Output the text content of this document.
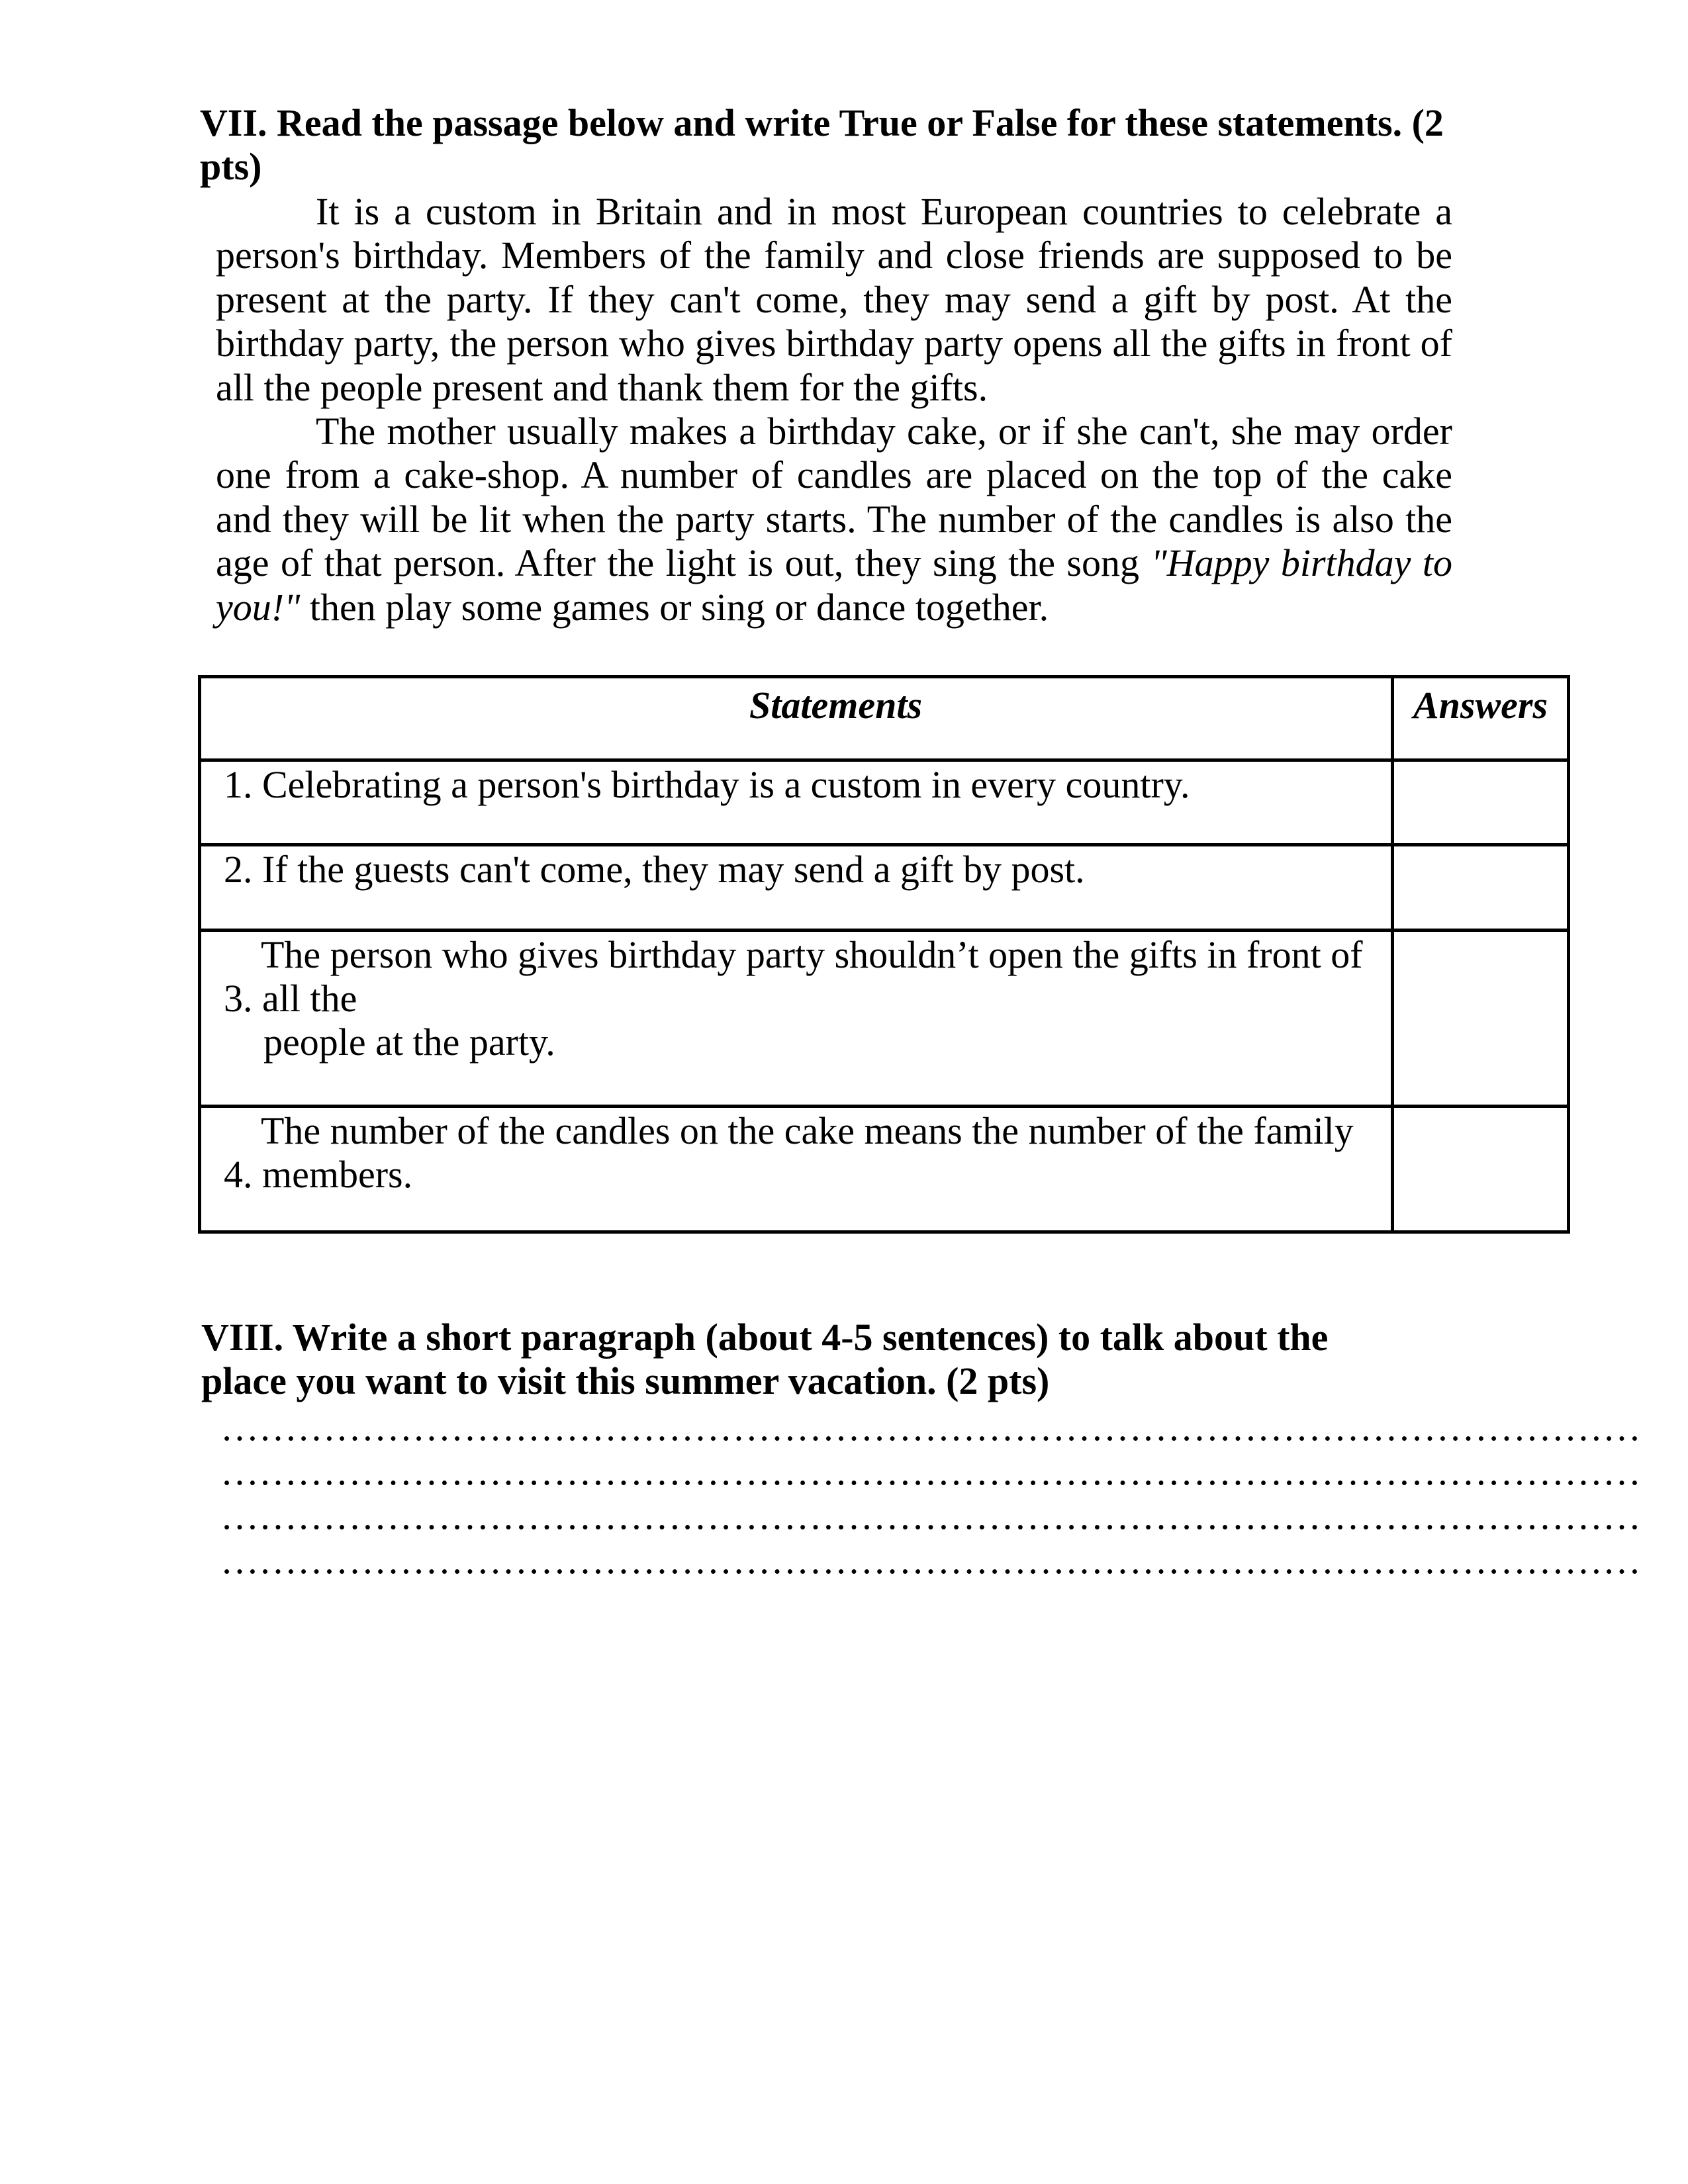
VII. Read the passage below and write True or False for these statements. (2
pts)

It is a custom in Britain and in most European countries to celebrate a person's birthday. Members of the family and close friends are supposed to be present at the party. If they can't come, they may send a gift by post. At the birthday party, the person who gives birthday party opens all the gifts in front of all the people present and thank them for the gifts.

The mother usually makes a birthday cake, or if she can't, she may order one from a cake-shop. A number of candles are placed on the top of the cake and they will be lit when the party starts. The number of the candles is also the age of that person. After the light is out, they sing the song "Happy birthday to you!" then play some games or sing or dance together.

Statements	Answers

1. Celebrating a person's birthday is a custom in every country.	

2. If the guests can't come, they may send a gift by post.	

The person who gives birthday party shouldn’t open the gifts in front of
3. all the
people at the party.	

The number of the candles on the cake means the number of the family
4. members.	

VIII. Write a short paragraph (about 4-5 sentences) to talk about the
place you want to visit this summer vacation. (2 pts)
…………………………………………………………………………………………………
…………………………………………………………………………………………………
…………………………………………………………………………………………………
…………………………………………………………………………………………………
